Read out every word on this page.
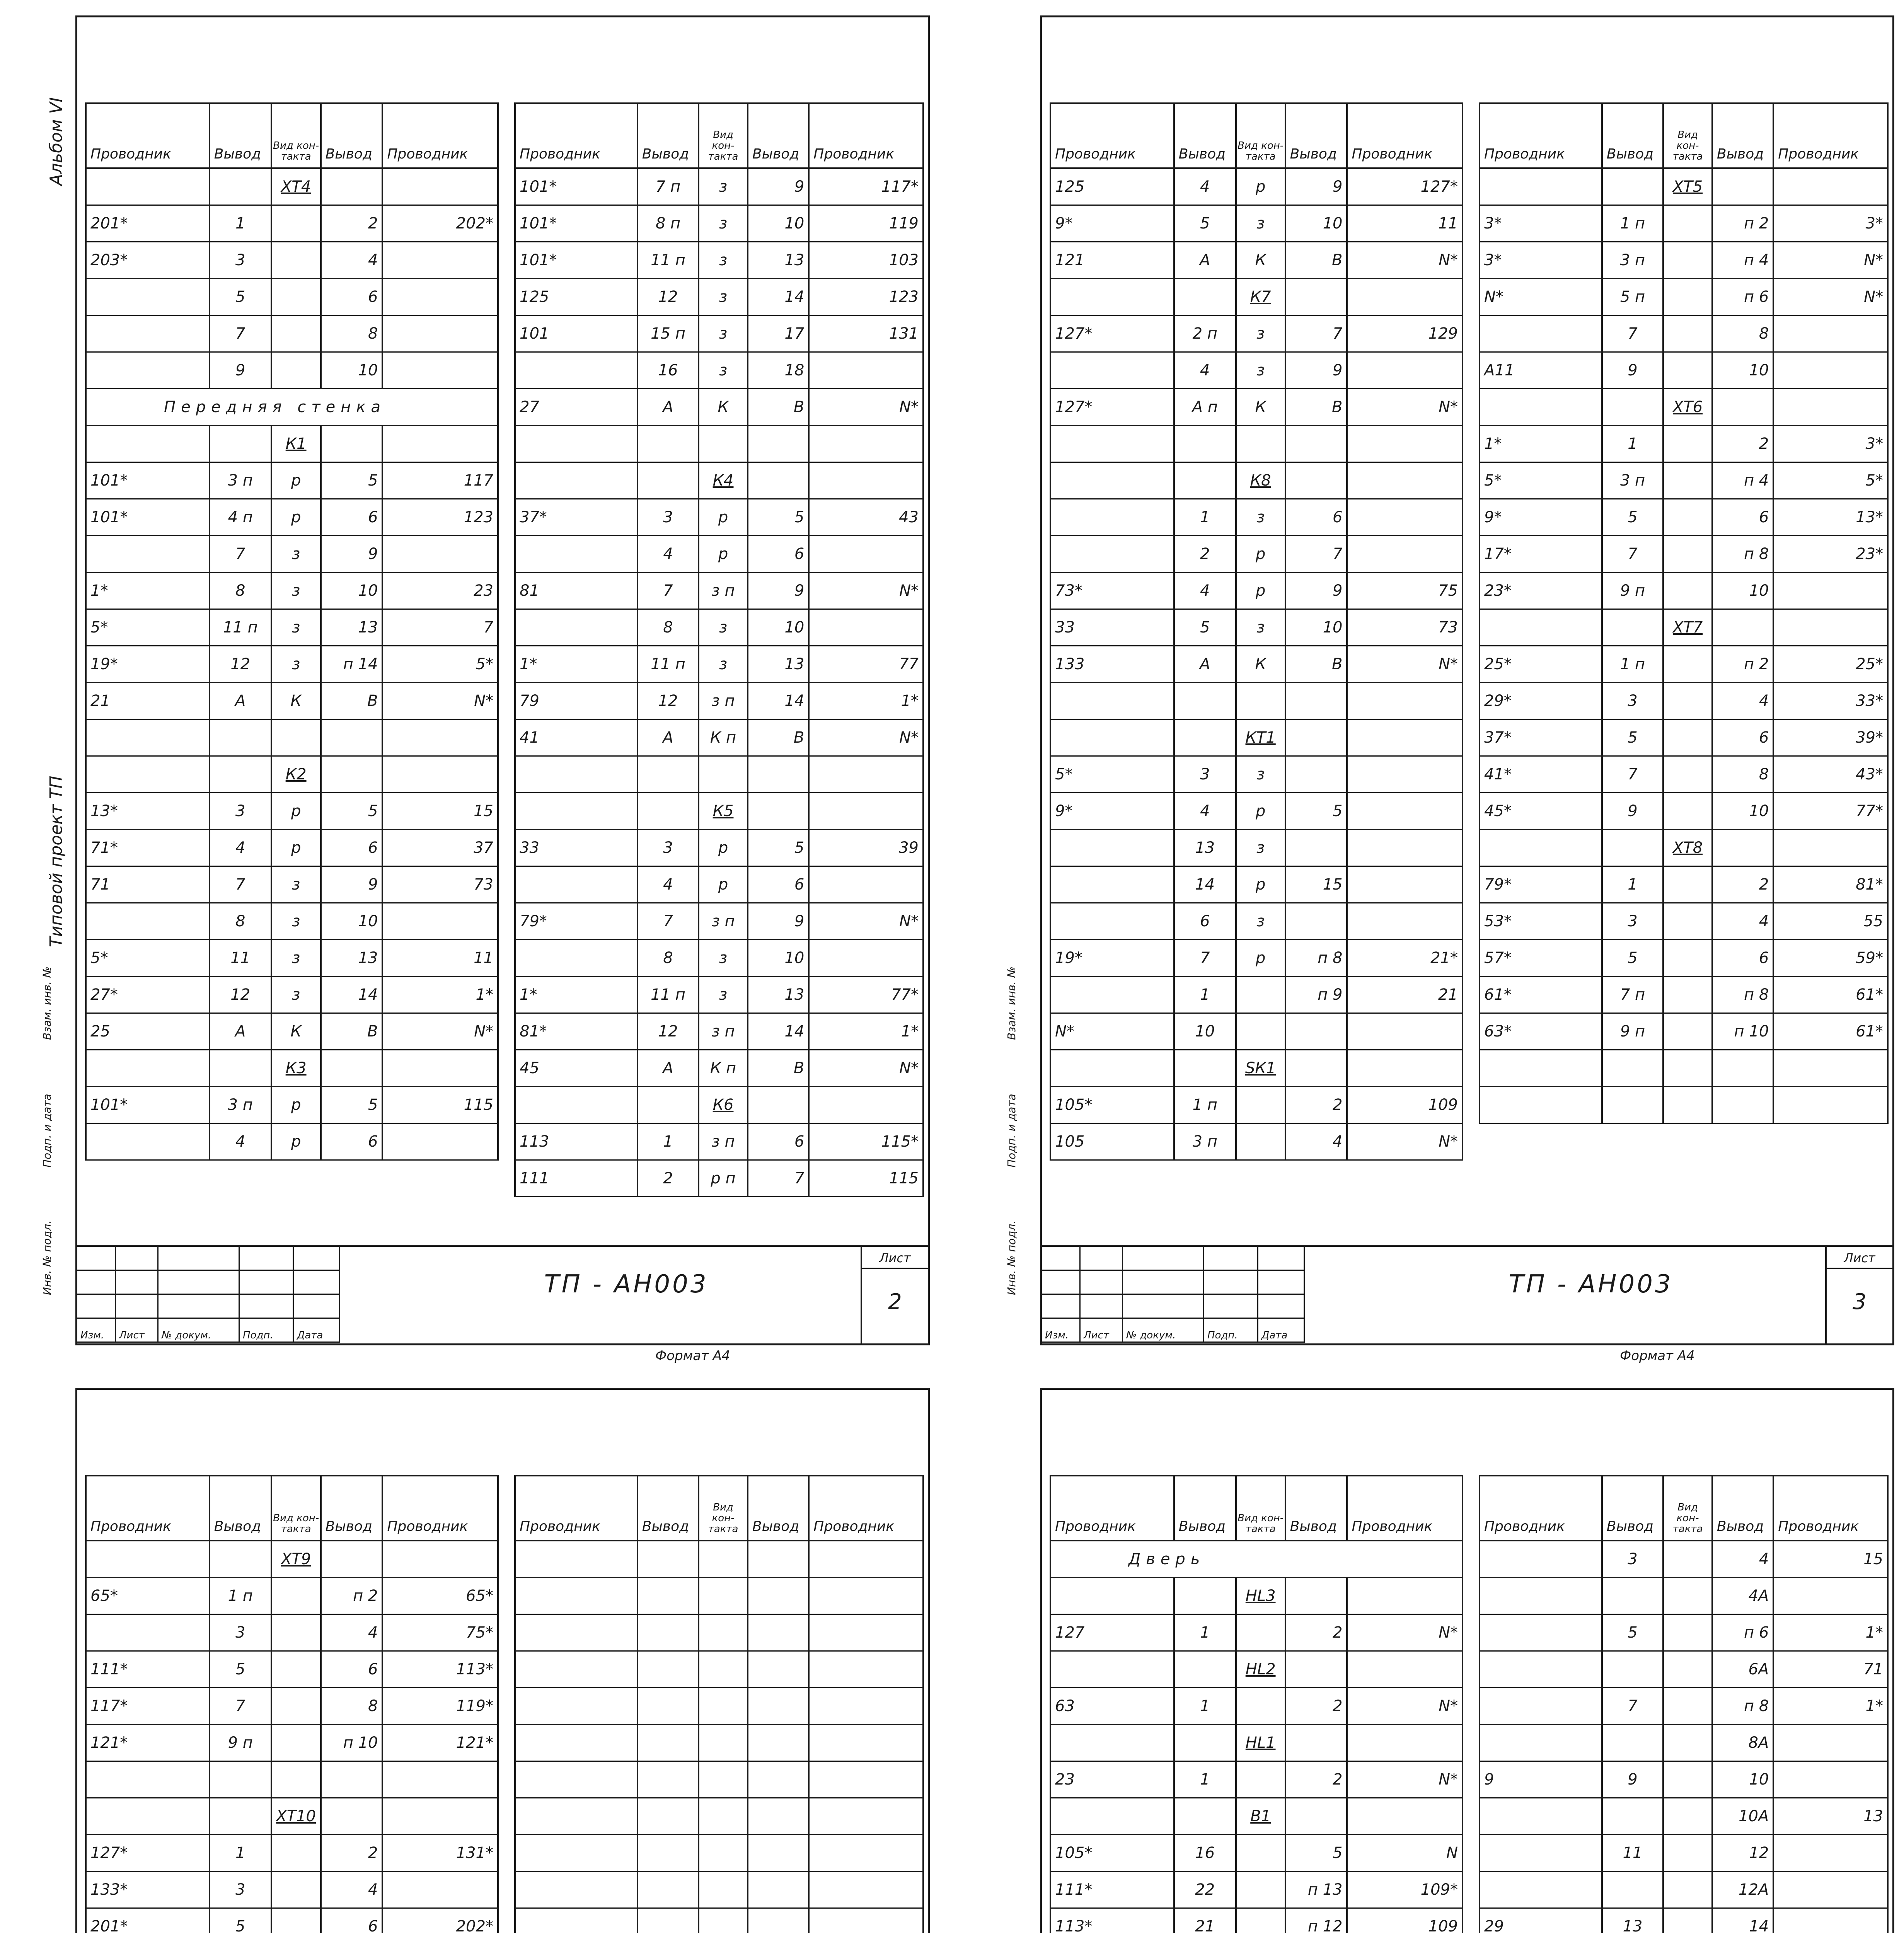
Проводник	Вывод	Вид кон- такта	Вывод	Проводник
		ХТ4		
201*	1		2	202*
203*	3		4	
	5		6	
	7		8	
	9		10	
Передняя стенка				
		К1		
101*	3 п	р	5	117
101*	4 п	р	6	123
	7	з	9	
1*	8	з	10	23
5*	11 п	з	13	7
19*	12	з	п 14	5*
21	А	К	В	N*

		К2		
13*	3	р	5	15
71*	4	р	6	37
71	7	з	9	73
	8	з	10	
5*	11	з	13	11
27*	12	з	14	1*
25	А	К	В	N*
		К3		
101*	3 п	р	5	115
	4	р	6	
Проводник	Вывод	Вид кон- такта	Вывод	Проводник
101*	7 п	з	9	117*
101*	8 п	з	10	119
101*	11 п	з	13	103
125	12	з	14	123
101	15 п	з	17	131
	16	з	18	
27	А	К	В	N*

		К4		
37*	3	р	5	43
	4	р	6	
81	7	з п	9	N*
	8	з	10	
1*	11 п	з	13	77
79	12	з п	14	1*
41	А	К п	В	N*

		К5		
33	3	р	5	39
	4	р	6	
79*	7	з п	9	N*
	8	з	10	
1*	11 п	з	13	77*
81*	12	з п	14	1*
45	А	К п	В	N*
		К6		
113	1	з п	6	115*
111	2	р п	7	115
Изм. Лист № докум.	Подп. Дата
ТП - АН003
Лист
2
Проводник	Вывод	Вид кон- такта	Вывод	Проводник
125	4	р	9	127*
9*	5	з	10	11
121	А	К	В	N*
		К7		
127*	2 п	з	7	129
	4	з	9	
127*	А п	К	В	N*

		К8		
	1	з	6	
	2	р	7	
73*	4	р	9	75
33	5	з	10	73
133	А	К	В	N*

		КТ1		
5*	3	з		
9*	4	р	5	
	13	з		
	14	р	15	
	6	з		
19*	7	р	п 8	21*
	1		п 9	21
N*	10			
		SК1		
105*	1 п		2	109
105	3 п		4	N*
Проводник	Вывод	Вид кон- такта	Вывод	Проводник
		ХТ5		
3*	1 п		п 2	3*
3*	3 п		п 4	N*
N*	5 п		п 6	N*
	7		8	
А11	9		10	
		ХТ6		
1*	1		2	3*
5*	3 п		п 4	5*
9*	5		6	13*
17*	7		п 8	23*
23*	9 п		10	
		ХТ7		
25*	1 п		п 2	25*
29*	3		4	33*
37*	5		6	39*
41*	7		8	43*
45*	9		10	77*
		ХТ8		
79*	1		2	81*
53*	3		4	55
57*	5		6	59*
61*	7 п		п 8	61*
63*	9 п		п 10	61*

Изм. Лист № докум.	Подп. Дата
ТП - АН003
Лист
3
Проводник	Вывод	Вид кон- такта	Вывод	Проводник
		ХТ9		
65*	1 п		п 2	65*
	3		4	75*
111*	5		6	113*
117*	7		8	119*
121*	9 п		п 10	121*

		ХТ10		
127*	1		2	131*
133*	3		4	
201*	5		6	202*

Проводник	Вывод	Вид кон- такта	Вывод	Проводник

					Проводник	Вывод	Вид кон- такта	Вывод	Проводник
Дверь				
		НL3		
127	1		2	N*
		НL2		
63	1		2	N*
		НL1		
23	1		2	N*
		В1		
105*	16		5	N
111*	22		п 13	109*
113*	21		п 12	109

Проводник	Вывод	Вид кон- такта	Вывод	Проводник
	3		4	15
			4А	
	5		п 6	1*
			6А	71
	7		п 8	1*
			8А	
9	9		10	
			10А	13
	11		12	
			12А	
29	13		14	

Взам. инв. №
Подп. и дата
Инв. № подл.
Формат А4
Взам. инв. №
Подп. и дата
Инв. № подл.
Формат А4
Альбом VI
Типовой проект ТП
